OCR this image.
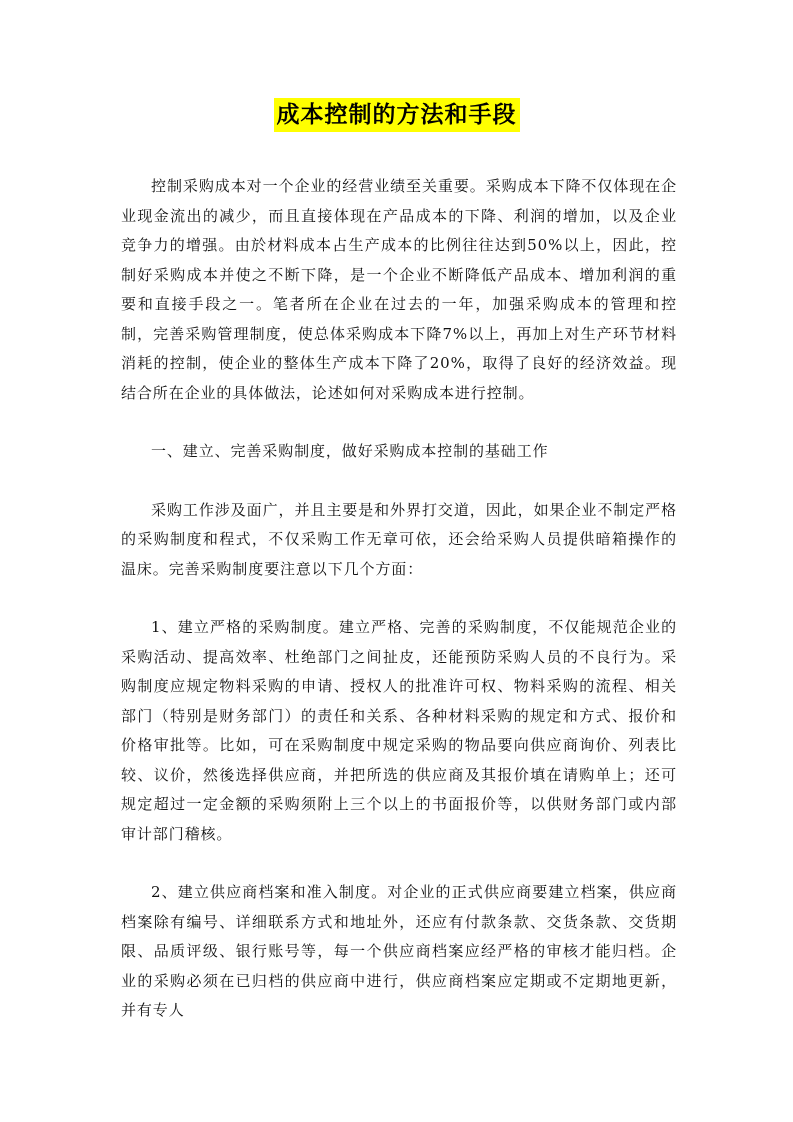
成本控制的方法和手段

控制采购成本对一个企业的经营业绩至关重要。采购成本下降不仅体现在企业现金流出的减少，而且直接体现在产品成本的下降、利润的增加，以及企业竞争力的增强。由於材料成本占生产成本的比例往往达到50%以上，因此，控制好采购成本并使之不断下降，是一个企业不断降低产品成本、增加利润的重要和直接手段之一。笔者所在企业在过去的一年，加强采购成本的管理和控制，完善采购管理制度，使总体采购成本下降7%以上，再加上对生产环节材料消耗的控制，使企业的整体生产成本下降了20%，取得了良好的经济效益。现结合所在企业的具体做法，论述如何对采购成本进行控制。

一、建立、完善采购制度，做好采购成本控制的基础工作

采购工作涉及面广，并且主要是和外界打交道，因此，如果企业不制定严格的采购制度和程式，不仅采购工作无章可依，还会给采购人员提供暗箱操作的温床。完善采购制度要注意以下几个方面：

1、建立严格的采购制度。建立严格、完善的采购制度，不仅能规范企业的采购活动、提高效率、杜绝部门之间扯皮，还能预防采购人员的不良行为。采购制度应规定物料采购的申请、授权人的批准许可权、物料采购的流程、相关部门（特别是财务部门）的责任和关系、各种材料采购的规定和方式、报价和价格审批等。比如，可在采购制度中规定采购的物品要向供应商询价、列表比较、议价，然後选择供应商，并把所选的供应商及其报价填在请购单上；还可规定超过一定金额的采购须附上三个以上的书面报价等，以供财务部门或内部审计部门稽核。

2、建立供应商档案和准入制度。对企业的正式供应商要建立档案，供应商档案除有编号、详细联系方式和地址外，还应有付款条款、交货条款、交货期限、品质评级、银行账号等，每一个供应商档案应经严格的审核才能归档。企业的采购必须在已归档的供应商中进行，供应商档案应定期或不定期地更新，并有专人
